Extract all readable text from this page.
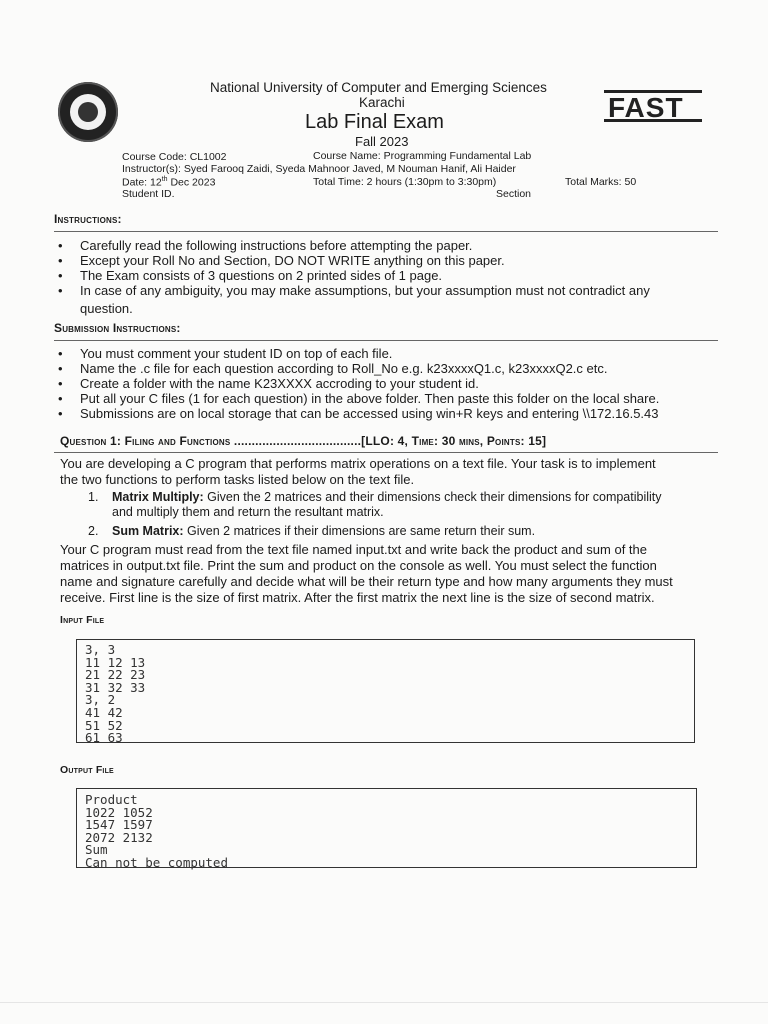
FAST
National University of Computer and Emerging Sciences
Karachi
Lab Final Exam
Fall 2023
Course Code: CL1002	Course Name: Programming Fundamental Lab
Instructor(s): Syed Farooq Zaidi, Syeda Mahnoor Javed, M Nouman Hanif, Ali Haider
Date: 12th Dec 2023	Total Time: 2 hours (1:30pm to 3:30pm)	Total Marks: 50
Student ID.	Section
Instructions:
• Carefully read the following instructions before attempting the paper.
• Except your Roll No and Section, DO NOT WRITE anything on this paper.
• The Exam consists of 3 questions on 2 printed sides of 1 page.
• In case of any ambiguity, you may make assumptions, but your assumption must not contradict any
question.
Submission Instructions:
• You must comment your student ID on top of each file.
• Name the .c file for each question according to Roll_No e.g. k23xxxxQ1.c, k23xxxxQ2.c etc.
• Create a folder with the name K23XXXX accroding to your student id.
• Put all your C files (1 for each question) in the above folder. Then paste this folder on the local share.
• Submissions are on local storage that can be accessed using win+R keys and entering \\172.16.5.43
Question 1: Filing and Functions ....................................[LLO: 4, Time: 30 mins, Points: 15]
You are developing a C program that performs matrix operations on a text file. Your task is to implement
the two functions to perform tasks listed below on the text file.
1. Matrix Multiply: Given the 2 matrices and their dimensions check their dimensions for compatibility
and multiply them and return the resultant matrix.
2. Sum Matrix: Given 2 matrices if their dimensions are same return their sum.
Your C program must read from the text file named input.txt and write back the product and sum of the
matrices in output.txt file. Print the sum and product on the console as well. You must select the function
name and signature carefully and decide what will be their return type and how many arguments they must
receive. First line is the size of first matrix. After the first matrix the next line is the size of second matrix.
Input File
3, 3
11 12 13
21 22 23
31 32 33
3, 2
41 42
51 52
61 63
Output File
Product
1022 1052
1547 1597
2072 2132
Sum
Can not be computed
